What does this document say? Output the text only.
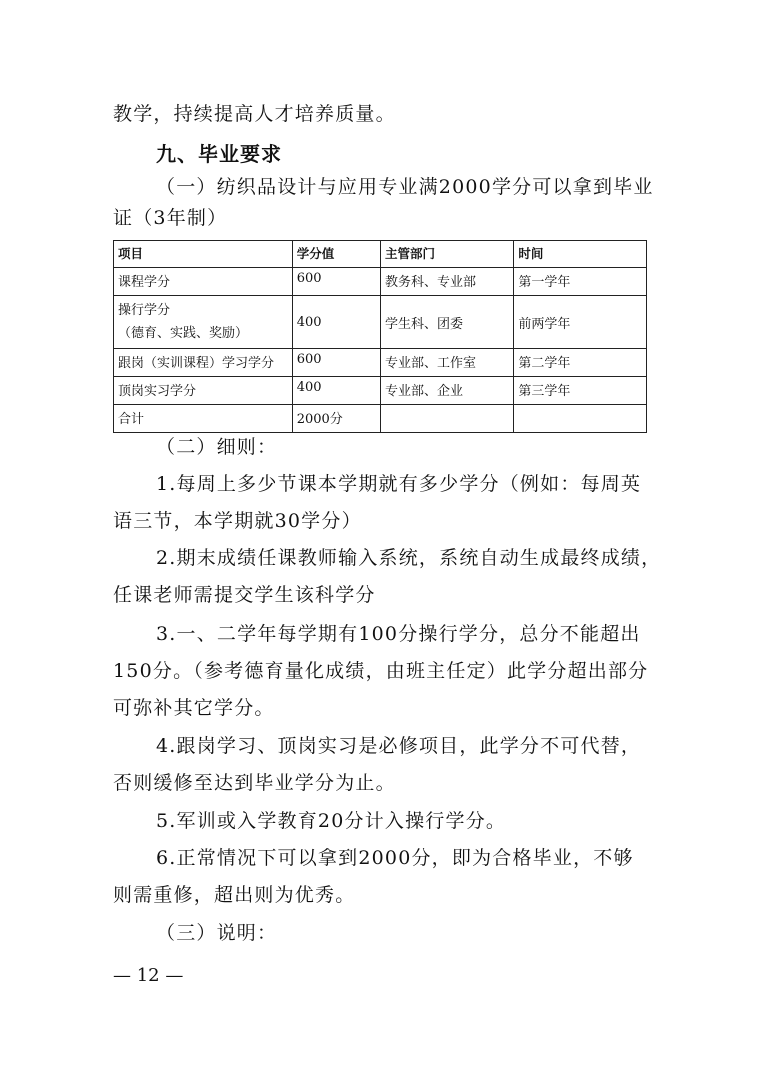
教学，持续提高人才培养质量。
九、毕业要求
（一）纺织品设计与应用专业满2000学分可以拿到毕业
证（3年制）
项目	学分值	主管部门	时间
课程学分	600	教务科、专业部	第一学年
操行学分
（德育、实践、奖励）	400	学生科、团委	前两学年
跟岗（实训课程）学习学分	600	专业部、工作室	第二学年
顶岗实习学分	400	专业部、企业	第三学年
合计	2000分		
（二）细则：
1.每周上多少节课本学期就有多少学分（例如：每周英
语三节，本学期就30学分）
2.期末成绩任课教师输入系统，系统自动生成最终成绩，
任课老师需提交学生该科学分
3.一、二学年每学期有100分操行学分，总分不能超出
150分。（参考德育量化成绩，由班主任定）此学分超出部分
可弥补其它学分。
4.跟岗学习、顶岗实习是必修项目，此学分不可代替，
否则缓修至达到毕业学分为止。
5.军训或入学教育20分计入操行学分。
6.正常情况下可以拿到2000分，即为合格毕业，不够
则需重修，超出则为优秀。
（三）说明：
— 12 —
